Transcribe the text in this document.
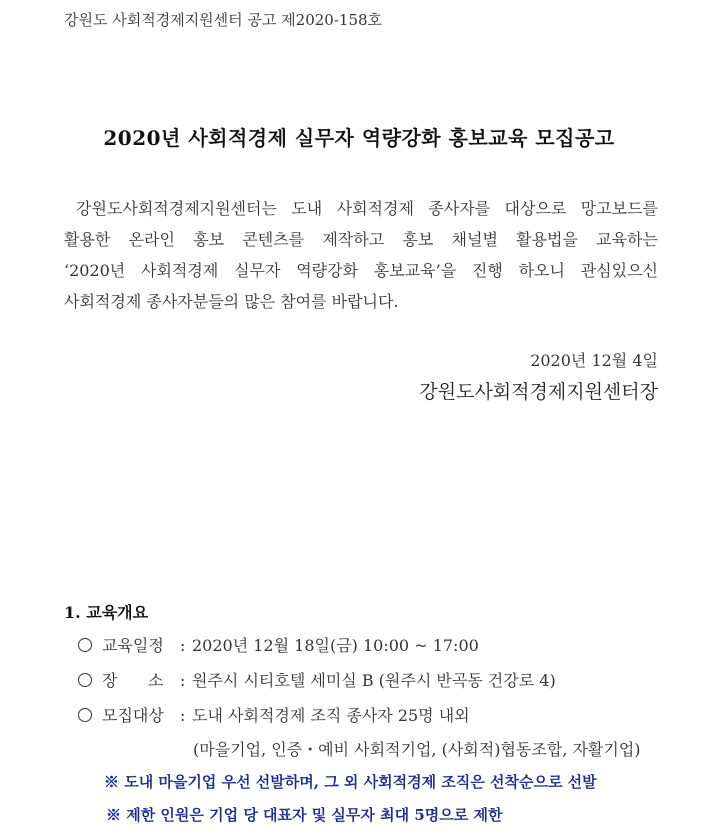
강원도 사회적경제지원센터 공고 제2020-158호
2020년 사회적경제 실무자 역량강화 홍보교육 모집공고
강원도사회적경제지원센터는 도내 사회적경제 종사자를 대상으로 망고보드를
활용한 온라인 홍보 콘텐츠를 제작하고 홍보 채널별 활용법을 교육하는
‘2020년 사회적경제 실무자 역량강화 홍보교육’을 진행 하오니 관심있으신
사회적경제 종사자분들의 많은 참여를 바랍니다.
2020년 12월 4일
강원도사회적경제지원센터장
1. 교육개요
교육일정 : 2020년 12월 18일(금) 10:00 ~ 17:00
장      소 : 원주시 시티호텔 세미실 B (원주시 반곡동 건강로 4)
모집대상 : 도내 사회적경제 조직 종사자 25명 내외
(마을기업, 인증・예비 사회적기업, (사회적)협동조합, 자활기업)
※ 도내 마을기업 우선 선발하며, 그 외 사회적경제 조직은 선착순으로 선발
※ 제한 인원은 기업 당 대표자 및 실무자 최대 5명으로 제한
